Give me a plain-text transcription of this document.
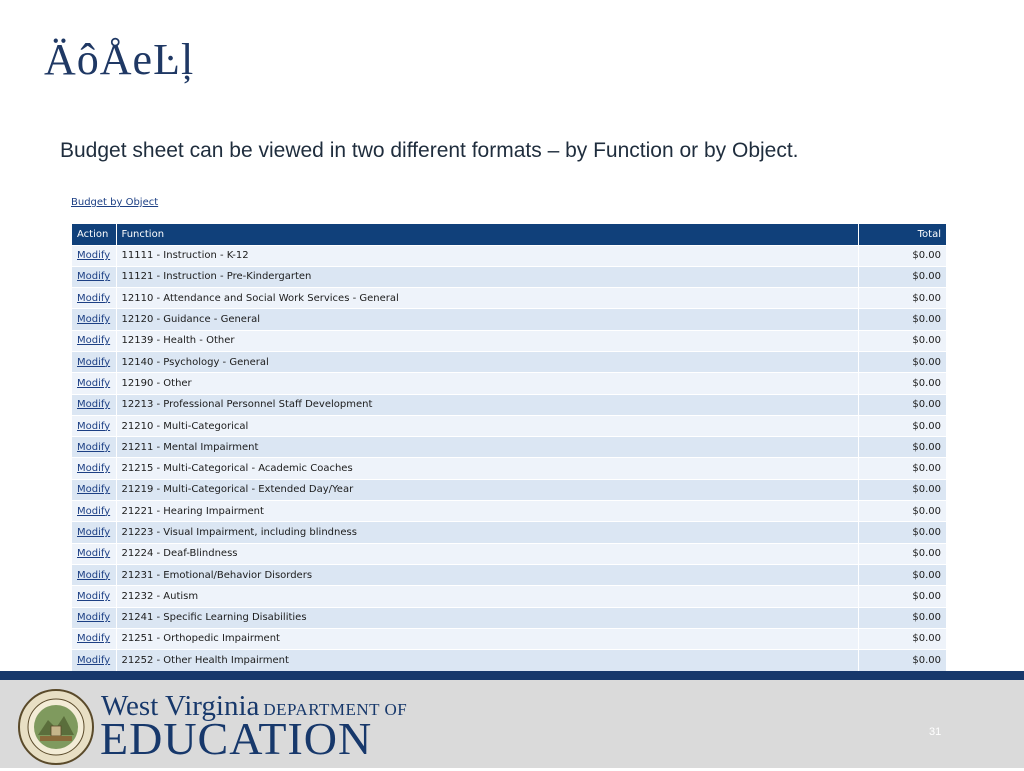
ÄôÅeĿļ
Budget sheet can be viewed in two different formats – by Function or by Object.
Budget by Object
Action	Function	Total
Modify	11111 - Instruction - K-12	$0.00
Modify	11121 - Instruction - Pre-Kindergarten	$0.00
Modify	12110 - Attendance and Social Work Services - General	$0.00
Modify	12120 - Guidance - General	$0.00
Modify	12139 - Health - Other	$0.00
Modify	12140 - Psychology - General	$0.00
Modify	12190 - Other	$0.00
Modify	12213 - Professional Personnel Staff Development	$0.00
Modify	21210 - Multi-Categorical	$0.00
Modify	21211 - Mental Impairment	$0.00
Modify	21215 - Multi-Categorical - Academic Coaches	$0.00
Modify	21219 - Multi-Categorical - Extended Day/Year	$0.00
Modify	21221 - Hearing Impairment	$0.00
Modify	21223 - Visual Impairment, including blindness	$0.00
Modify	21224 - Deaf-Blindness	$0.00
Modify	21231 - Emotional/Behavior Disorders	$0.00
Modify	21232 - Autism	$0.00
Modify	21241 - Specific Learning Disabilities	$0.00
Modify	21251 - Orthopedic Impairment	$0.00
Modify	21252 - Other Health Impairment	$0.00
West Virginia DEPARTMENT OF
EDUCATION	31
